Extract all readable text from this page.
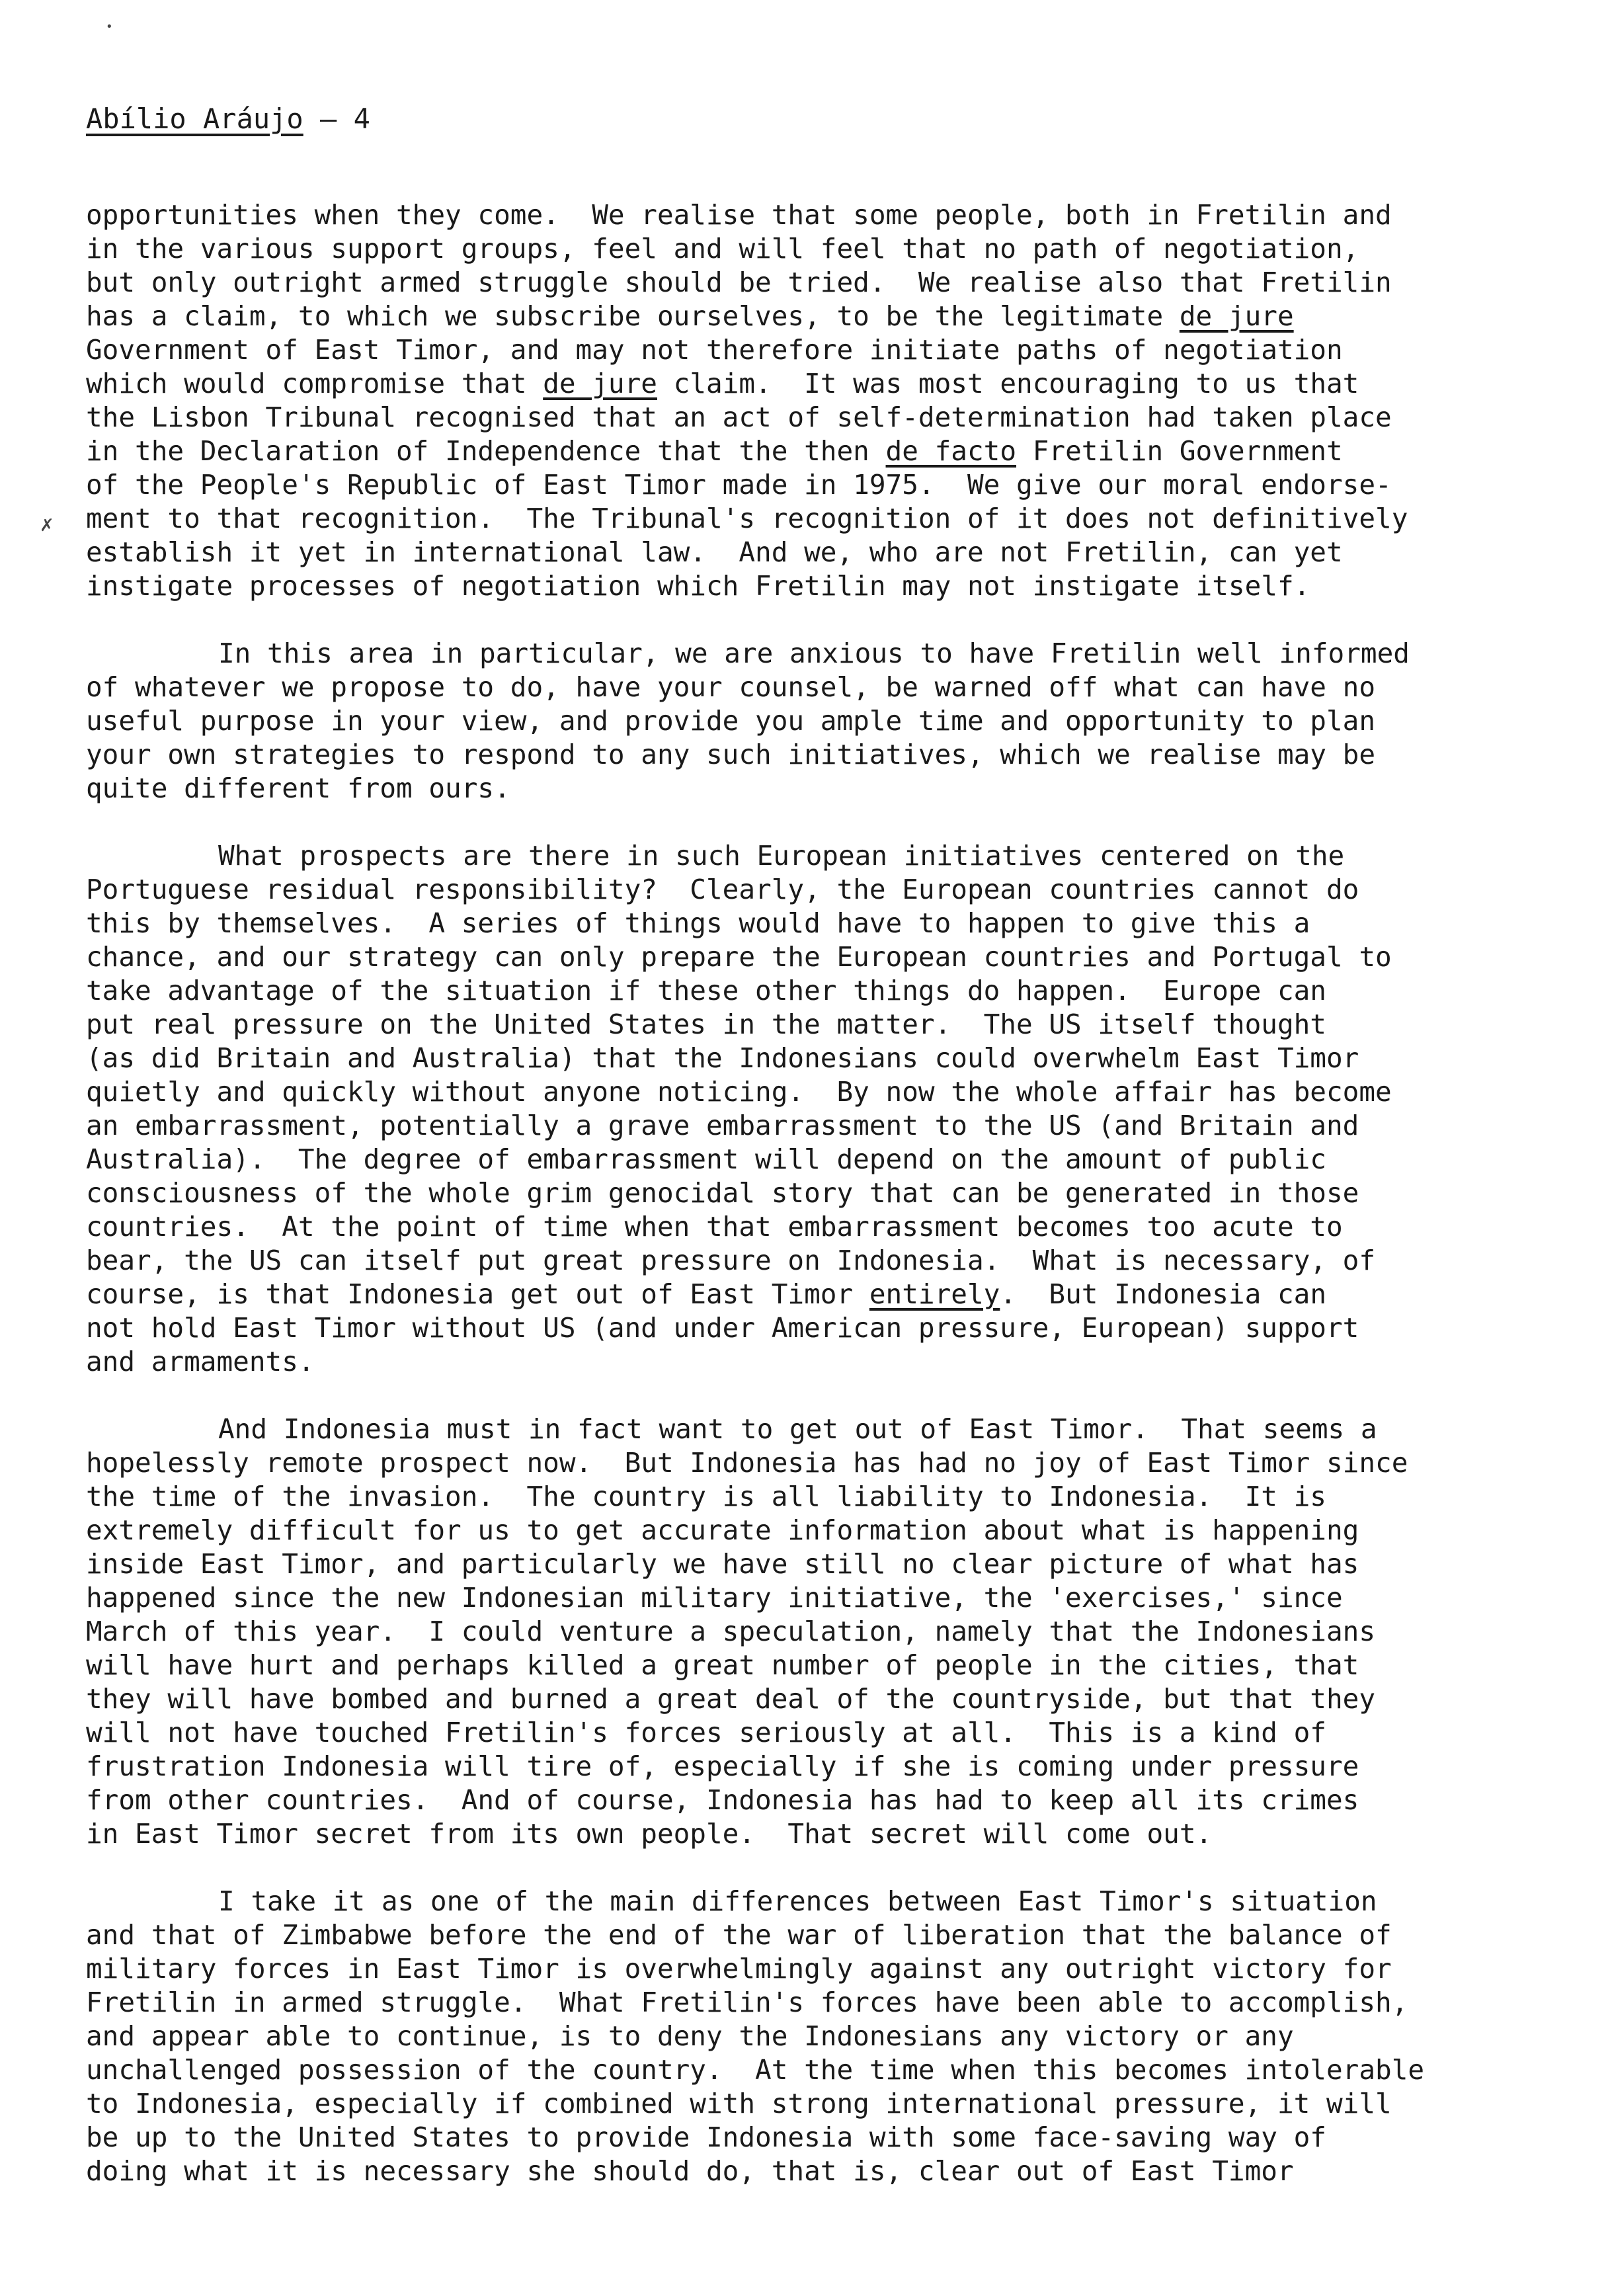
Abílio Aráujo — 4
opportunities when they come.  We realise that some people, both in Fretilin and
in the various support groups, feel and will feel that no path of negotiation,
but only outright armed struggle should be tried.  We realise also that Fretilin
has a claim, to which we subscribe ourselves, to be the legitimate de jure
Government of East Timor, and may not therefore initiate paths of negotiation
which would compromise that de jure claim.  It was most encouraging to us that
the Lisbon Tribunal recognised that an act of self-determination had taken place
in the Declaration of Independence that the then de facto Fretilin Government
of the People's Republic of East Timor made in 1975.  We give our moral endorse-
ment to that recognition.  The Tribunal's recognition of it does not definitively
establish it yet in international law.  And we, who are not Fretilin, can yet
instigate processes of negotiation which Fretilin may not instigate itself.
In this area in particular, we are anxious to have Fretilin well informed
of whatever we propose to do, have your counsel, be warned off what can have no
useful purpose in your view, and provide you ample time and opportunity to plan
your own strategies to respond to any such initiatives, which we realise may be
quite different from ours.
What prospects are there in such European initiatives centered on the
Portuguese residual responsibility?  Clearly, the European countries cannot do
this by themselves.  A series of things would have to happen to give this a
chance, and our strategy can only prepare the European countries and Portugal to
take advantage of the situation if these other things do happen.  Europe can
put real pressure on the United States in the matter.  The US itself thought
(as did Britain and Australia) that the Indonesians could overwhelm East Timor
quietly and quickly without anyone noticing.  By now the whole affair has become
an embarrassment, potentially a grave embarrassment to the US (and Britain and
Australia).  The degree of embarrassment will depend on the amount of public
consciousness of the whole grim genocidal story that can be generated in those
countries.  At the point of time when that embarrassment becomes too acute to
bear, the US can itself put great pressure on Indonesia.  What is necessary, of
course, is that Indonesia get out of East Timor entirely.  But Indonesia can
not hold East Timor without US (and under American pressure, European) support
and armaments.
And Indonesia must in fact want to get out of East Timor.  That seems a
hopelessly remote prospect now.  But Indonesia has had no joy of East Timor since
the time of the invasion.  The country is all liability to Indonesia.  It is
extremely difficult for us to get accurate information about what is happening
inside East Timor, and particularly we have still no clear picture of what has
happened since the new Indonesian military initiative, the 'exercises,' since
March of this year.  I could venture a speculation, namely that the Indonesians
will have hurt and perhaps killed a great number of people in the cities, that
they will have bombed and burned a great deal of the countryside, but that they
will not have touched Fretilin's forces seriously at all.  This is a kind of
frustration Indonesia will tire of, especially if she is coming under pressure
from other countries.  And of course, Indonesia has had to keep all its crimes
in East Timor secret from its own people.  That secret will come out.
I take it as one of the main differences between East Timor's situation
and that of Zimbabwe before the end of the war of liberation that the balance of
military forces in East Timor is overwhelmingly against any outright victory for
Fretilin in armed struggle.  What Fretilin's forces have been able to accomplish,
and appear able to continue, is to deny the Indonesians any victory or any
unchallenged possession of the country.  At the time when this becomes intolerable
to Indonesia, especially if combined with strong international pressure, it will
be up to the United States to provide Indonesia with some face-saving way of
doing what it is necessary she should do, that is, clear out of East Timor
•
✗
